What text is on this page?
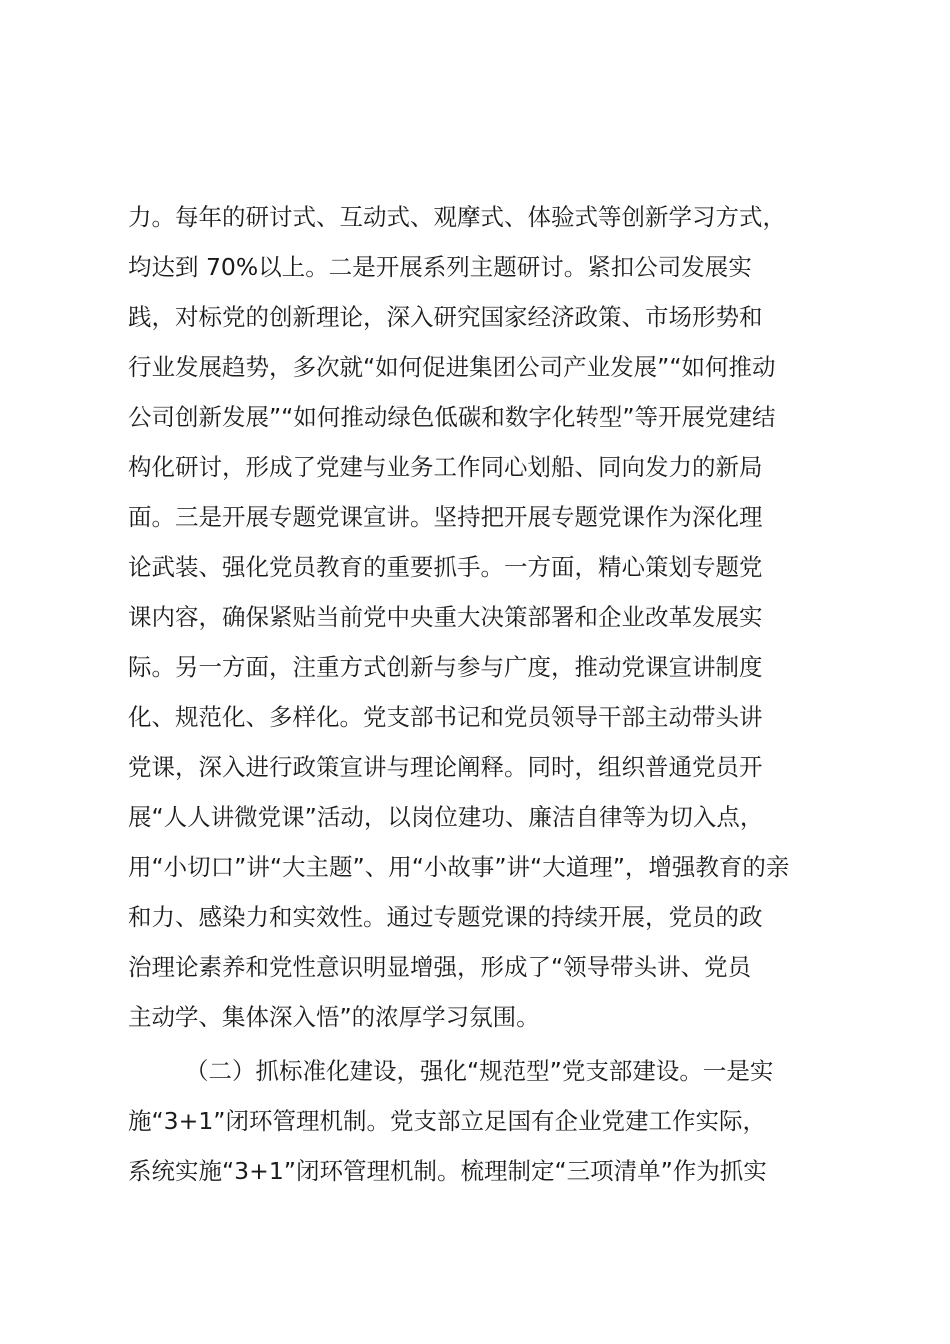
力。每年的研讨式、互动式、观摩式、体验式等创新学习方式，
均达到 70%以上。二是开展系列主题研讨。紧扣公司发展实
践，对标党的创新理论，深入研究国家经济政策、市场形势和
行业发展趋势，多次就“如何促进集团公司产业发展”“如何推动
公司创新发展”“如何推动绿色低碳和数字化转型”等开展党建结
构化研讨，形成了党建与业务工作同心划船、同向发力的新局
面。三是开展专题党课宣讲。坚持把开展专题党课作为深化理
论武装、强化党员教育的重要抓手。一方面，精心策划专题党
课内容，确保紧贴当前党中央重大决策部署和企业改革发展实
际。另一方面，注重方式创新与参与广度，推动党课宣讲制度
化、规范化、多样化。党支部书记和党员领导干部主动带头讲
党课，深入进行政策宣讲与理论阐释。同时，组织普通党员开
展“人人讲微党课”活动，以岗位建功、廉洁自律等为切入点，
用“小切口”讲“大主题”、用“小故事”讲“大道理”，增强教育的亲
和力、感染力和实效性。通过专题党课的持续开展，党员的政
治理论素养和党性意识明显增强，形成了“领导带头讲、党员
主动学、集体深入悟”的浓厚学习氛围。
（二）抓标准化建设，强化“规范型”党支部建设。一是实
施“3+1”闭环管理机制。党支部立足国有企业党建工作实际，
系统实施“3+1”闭环管理机制。梳理制定“三项清单”作为抓实
